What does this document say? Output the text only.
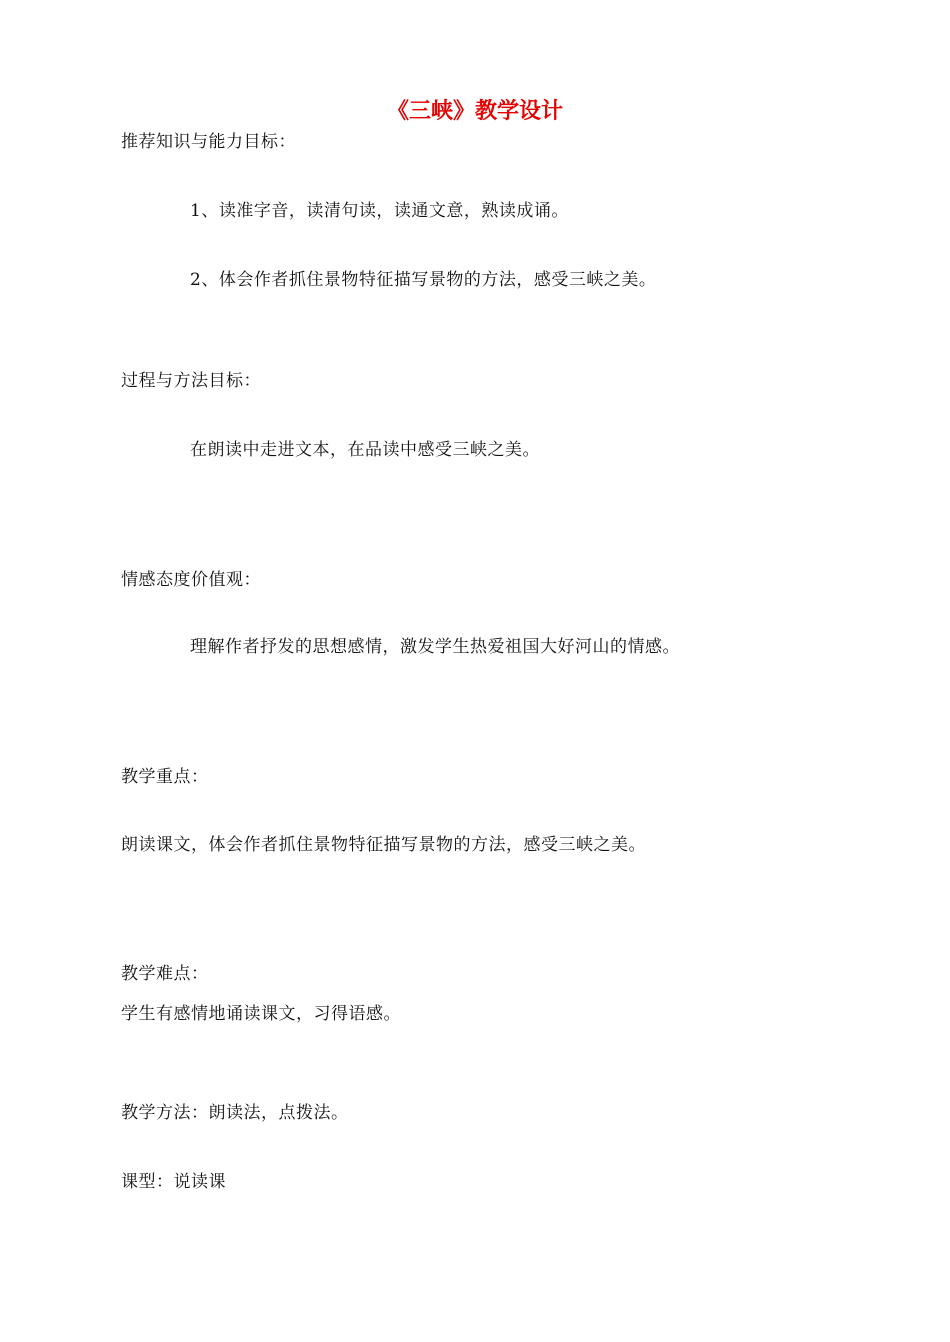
《三峡》教学设计
推荐知识与能力目标：
1、读准字音，读清句读，读通文意，熟读成诵。
2、体会作者抓住景物特征描写景物的方法，感受三峡之美。
过程与方法目标：
在朗读中走进文本，在品读中感受三峡之美。
情感态度价值观：
理解作者抒发的思想感情，激发学生热爱祖国大好河山的情感。
教学重点：
朗读课文，体会作者抓住景物特征描写景物的方法，感受三峡之美。
教学难点：
学生有感情地诵读课文，习得语感。
教学方法：朗读法，点拨法。
课型：说读课
